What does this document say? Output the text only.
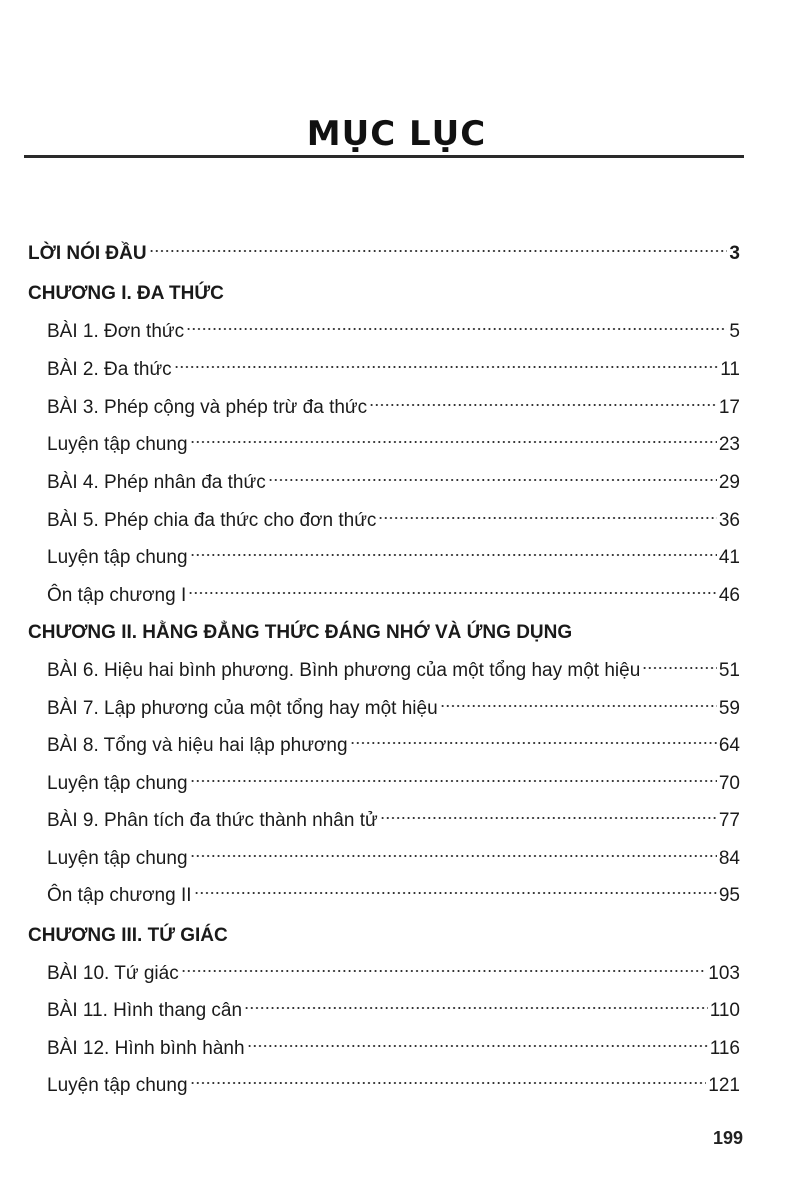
MỤC LỤC
LỜI NÓI ĐẦU	3
CHƯƠNG I. ĐA THỨC
BÀI 1. Đơn thức	5
BÀI 2. Đa thức	11
BÀI 3. Phép cộng và phép trừ đa thức	17
Luyện tập chung	23
BÀI 4. Phép nhân đa thức	29
BÀI 5. Phép chia đa thức cho đơn thức	36
Luyện tập chung	41
Ôn tập chương I	46
CHƯƠNG II. HẰNG ĐẲNG THỨC ĐÁNG NHỚ VÀ ỨNG DỤNG
BÀI 6. Hiệu hai bình phương. Bình phương của một tổng hay một hiệu	51
BÀI 7. Lập phương của một tổng hay một hiệu	59
BÀI 8. Tổng và hiệu hai lập phương	64
Luyện tập chung	70
BÀI 9. Phân tích đa thức thành nhân tử	77
Luyện tập chung	84
Ôn tập chương II	95
CHƯƠNG III. TỨ GIÁC
BÀI 10. Tứ giác	103
BÀI 11. Hình thang cân	110
BÀI 12. Hình bình hành	116
Luyện tập chung	121
199
